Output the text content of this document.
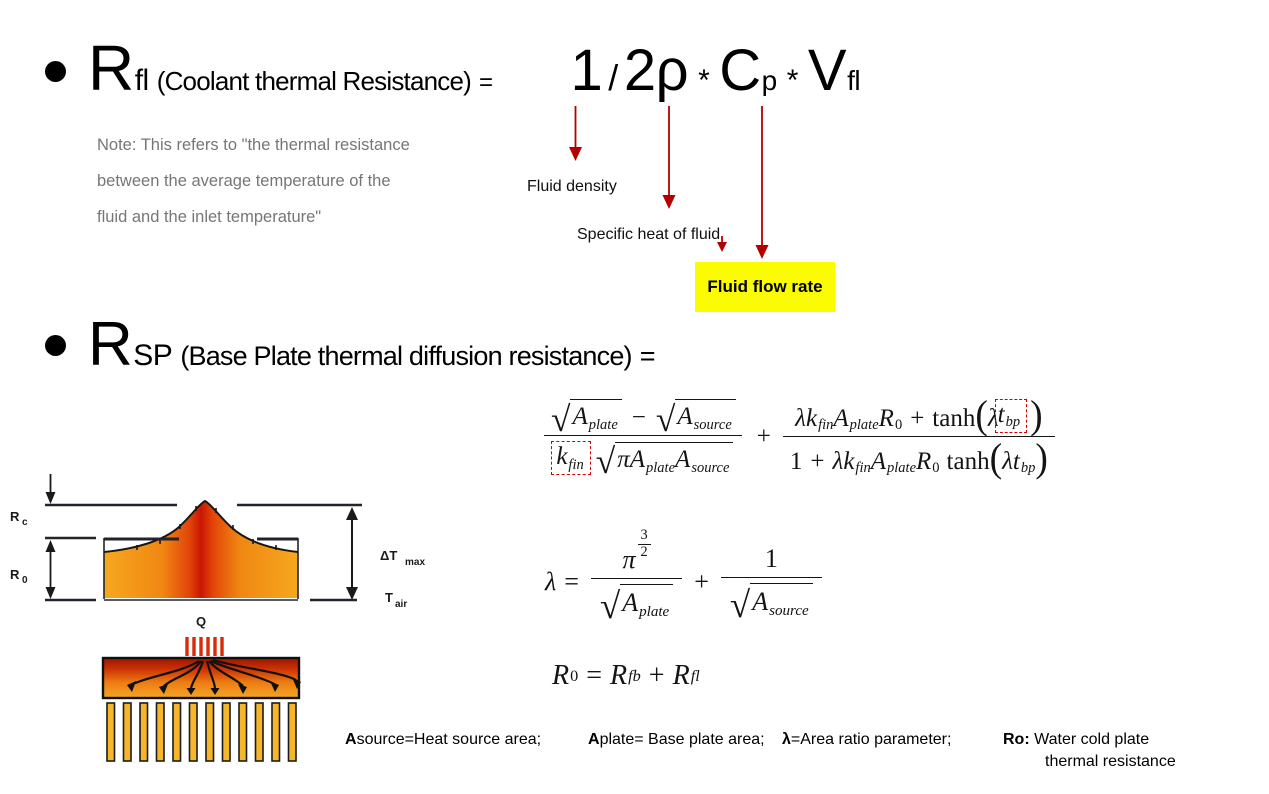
R fl (Coolant thermal Resistance) = 1 / 2ρ * C p * V fl
Note: This refers to "the thermal resistance
between the average temperature of the
fluid and the inlet temperature"
Fluid density
Specific heat of fluid
Fluid flow rate
R SP (Base Plate thermal diffusion resistance) =
$\frac{√ A_{plate} - √ A_{source}}{k_{fin} √ \pi A_{plate}A_{source}}$ +
λ $k_{fin}$ $A_{plate}$ $R_0 + \tanh$ ( λ $t_{bp}$ )
1 + λ $k_{fin}$ $A_{plate}$ $R_0$ tanh ( λ $t_{bp}$ )
$\lambda = \frac{\pi \frac{3}{2}}{√ A_{plate}} + \frac{1}{√ A_{source}}$
R 0 = R fb + R fl
R c
R 0
ΔT max
T air
Q
Asource=Heat source area;	Aplate= Base plate area; λ=Area ratio parameter;	Ro: Water cold plate
thermal resistance
